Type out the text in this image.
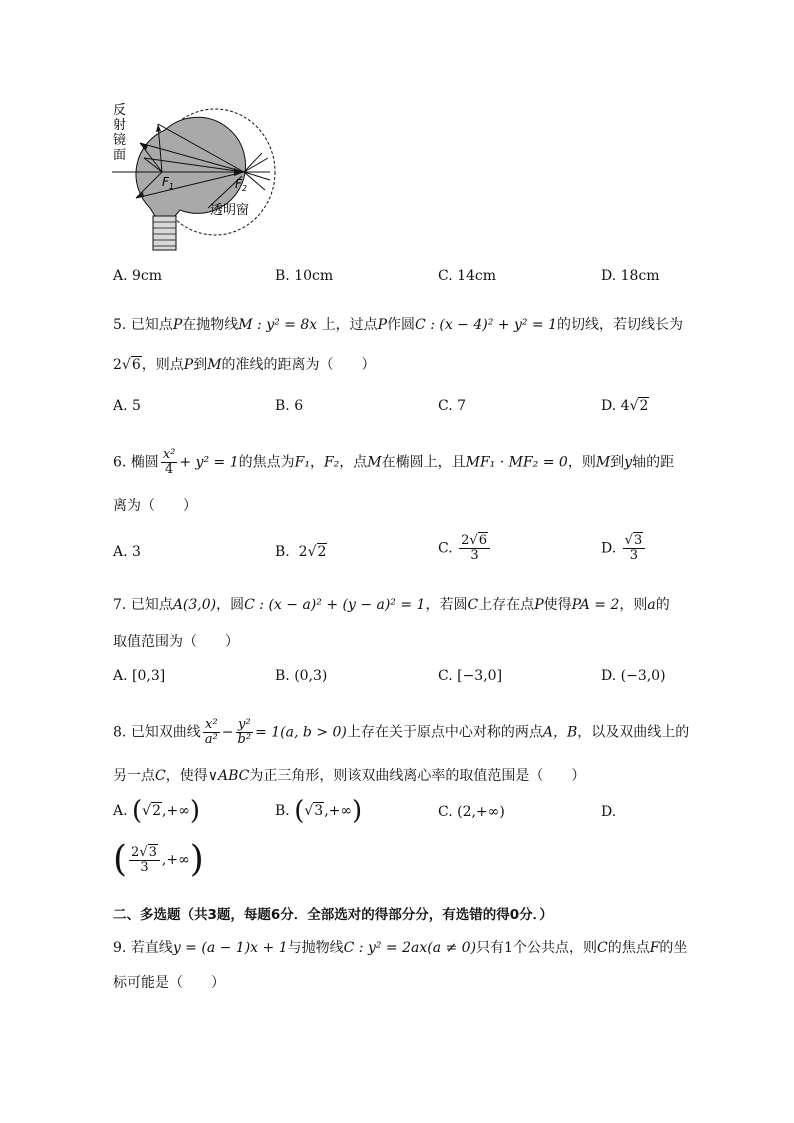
反
射
镜
面
$F_1$	$F_2$
透明窗
A. 9cm	B. 10cm	C. 14cm	D. 18cm
5. 已知点P在抛物线M : y² = 8x 上，过点P作圆C : (x − 4)² + y² = 1的切线，若切线长为
2√6，则点P到M的准线的距离为（　　）
A. 5	B. 6	C. 7	D. 4√2
6. 椭圆 $\frac{\text{x²}}{4} + y^2 = 1$的焦点为F₁，F₂，点M在椭圆上，且MF₁ · MF₂ = 0，则M到y轴的距
离为（　　）
A. 3	B. 2√2	C. $\frac{2√6}{3}$	D. $\frac{√3}{3}$
7. 已知点A(3,0)，圆C : (x − a)² + (y − a)² = 1，若圆C上存在点P使得PA = 2，则a的
取值范围为（　　）
A. [0,3]	B. (0,3)	C. [−3,0]	D. (−3,0)
8. 已知双曲线 $\frac{\text{x²}}{\text{a²}} - \frac{\text{y²}}{\text{b²}} = 1(a$, b > 0)上存在关于原点中心对称的两点A，B，以及双曲线上的
另一点C，使得∨ABC为正三角形，则该双曲线离心率的取值范围是（　　）
A. (√2,+∞)	B. (√3,+∞)	C. (2,+∞)	D.
( $\frac{2√3}{3}$ ,+∞)
二、多选题（共3题，每题6分．全部选对的得部分分，有选错的得0分．）
9. 若直线y = (a − 1)x + 1与抛物线C : y² = 2ax(a ≠ 0)只有1个公共点，则C的焦点F的坐
标可能是（　　）
